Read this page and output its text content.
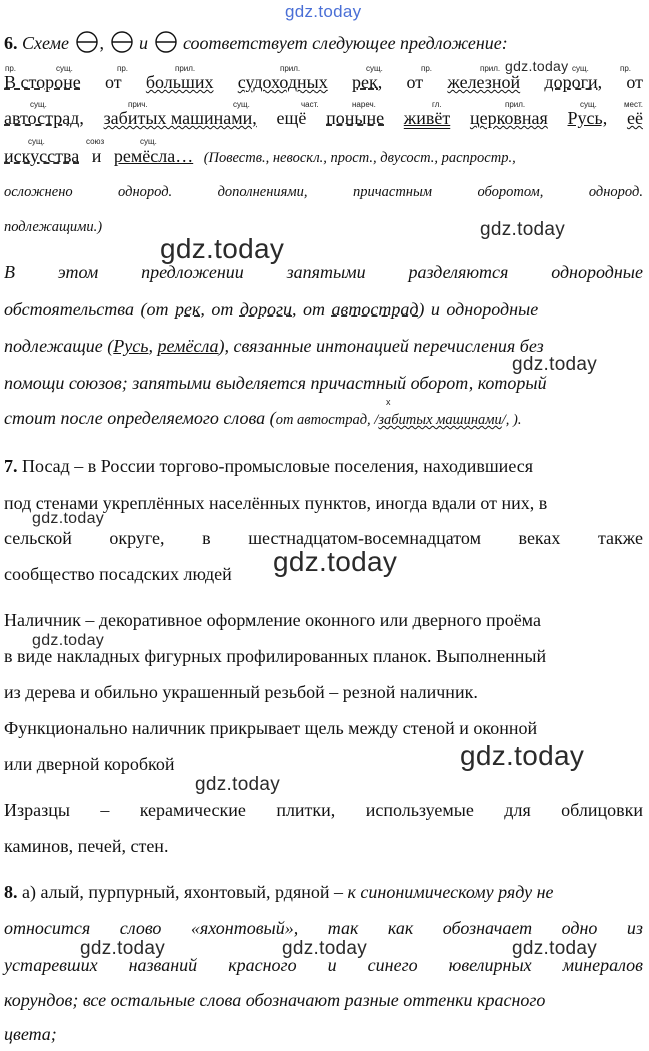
gdz.today
gdz.today
gdz.today
gdz.today
gdz.today
gdz.today
gdz.today
gdz.today
gdz.today
gdz.today
gdz.today	gdz.today	gdz.today
6. Схеме , и соответствует следующее предложение:
пр.	сущ.	пр.	прил.	прил.	сущ.	пр.	прил.	сущ.	пр.
В стороне от больших судоходных рек, от железной дороги, от
сущ.	прич.	сущ.	част.	нареч.	гл.	прил.	сущ.	мест.
автострад, забитых машинами, ещё поныне живёт церковная Русь, её
сущ.	союз	сущ.
искусства и ремёсла… (Повеств., невоскл., прост., двусост., распростр.,
осложнено	однород.	дополнениями,	причастным	оборотом,	однород.
подлежащими.)
В этом предложении запятыми разделяются однородные
обстоятельства (от рек, от дороги, от автострад) и однородные
подлежащие (Русь, ремёсла), связанные интонацией перечисления без
помощи союзов; запятыми выделяется причастный оборот, который
x
стоит после определяемого слова (от автострад, /забитых машинами/, ).
7. Посад – в России торгово-промысловые поселения, находившиеся
под стенами укреплённых населённых пунктов, иногда вдали от них, в
сельской округе, в шестнадцатом-восемнадцатом веках также
сообщество посадских людей
Наличник – декоративное оформление оконного или дверного проёма
в виде накладных фигурных профилированных планок. Выполненный
из дерева и обильно украшенный резьбой – резной наличник.
Функционально наличник прикрывает щель между стеной и оконной
или дверной коробкой
Изразцы – керамические плитки, используемые для облицовки
каминов, печей, стен.
8. а) алый, пурпурный, яхонтовый, рдяной – к синонимическому ряду не
относится слово «яхонтовый», так как обозначает одно из
устаревших названий красного и синего ювелирных минералов
корундов; все остальные слова обозначают разные оттенки красного
цвета;
